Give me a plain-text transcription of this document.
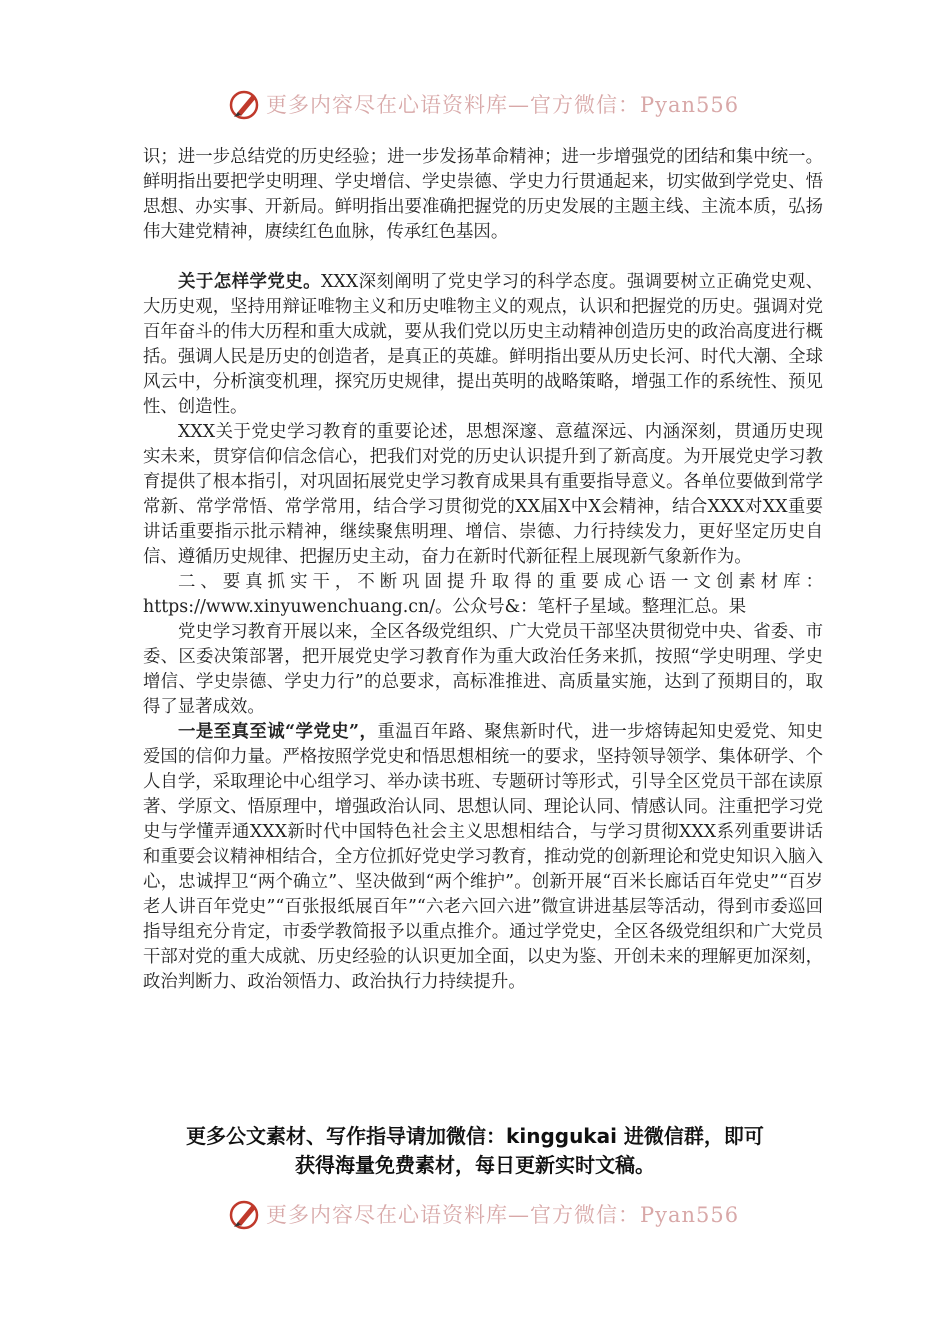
更多内容尽在心语资料库—官方微信：Pyan556

识；进一步总结党的历史经验；进一步发扬革命精神；进一步增强党的团结和集中统一。鲜明指出要把学史明理、学史增信、学史崇德、学史力行贯通起来，切实做到学党史、悟思想、办实事、开新局。鲜明指出要准确把握党的历史发展的主题主线、主流本质，弘扬伟大建党精神，赓续红色血脉，传承红色基因。

关于怎样学党史。XXX深刻阐明了党史学习的科学态度。强调要树立正确党史观、大历史观，坚持用辩证唯物主义和历史唯物主义的观点，认识和把握党的历史。强调对党百年奋斗的伟大历程和重大成就，要从我们党以历史主动精神创造历史的政治高度进行概括。强调人民是历史的创造者，是真正的英雄。鲜明指出要从历史长河、时代大潮、全球风云中，分析演变机理，探究历史规律，提出英明的战略策略，增强工作的系统性、预见性、创造性。

XXX关于党史学习教育的重要论述，思想深邃、意蕴深远、内涵深刻，贯通历史现实未来，贯穿信仰信念信心，把我们对党的历史认识提升到了新高度。为开展党史学习教育提供了根本指引，对巩固拓展党史学习教育成果具有重要指导意义。各单位要做到常学常新、常学常悟、常学常用，结合学习贯彻党的XX届X中X会精神，结合XXX对XX重要讲话重要指示批示精神，继续聚焦明理、增信、崇德、力行持续发力，更好坚定历史自信、遵循历史规律、把握历史主动，奋力在新时代新征程上展现新气象新作为。

二、要真抓实干，不断巩固提升取得的重要成心语一文创素材库：https://www.xinyuwenchuang.cn/。公众号&：笔杆子星域。整理汇总。果

党史学习教育开展以来，全区各级党组织、广大党员干部坚决贯彻党中央、省委、市委、区委决策部署，把开展党史学习教育作为重大政治任务来抓，按照“学史明理、学史增信、学史崇德、学史力行”的总要求，高标准推进、高质量实施，达到了预期目的，取得了显著成效。

一是至真至诚“学党史”，重温百年路、聚焦新时代，进一步熔铸起知史爱党、知史爱国的信仰力量。严格按照学党史和悟思想相统一的要求，坚持领导领学、集体研学、个人自学，采取理论中心组学习、举办读书班、专题研讨等形式，引导全区党员干部在读原著、学原文、悟原理中，增强政治认同、思想认同、理论认同、情感认同。注重把学习党史与学懂弄通XXX新时代中国特色社会主义思想相结合，与学习贯彻XXX系列重要讲话和重要会议精神相结合，全方位抓好党史学习教育，推动党的创新理论和党史知识入脑入心，忠诚捍卫“两个确立”、坚决做到“两个维护”。创新开展“百米长廊话百年党史”“百岁老人讲百年党史”“百张报纸展百年”“六老六回六进”微宣讲进基层等活动，得到市委巡回指导组充分肯定，市委学教简报予以重点推介。通过学党史，全区各级党组织和广大党员干部对党的重大成就、历史经验的认识更加全面，以史为鉴、开创未来的理解更加深刻，政治判断力、政治领悟力、政治执行力持续提升。

更多公文素材、写作指导请加微信：kinggukai 进微信群，即可
获得海量免费素材，每日更新实时文稿。
更多内容尽在心语资料库—官方微信：Pyan556
